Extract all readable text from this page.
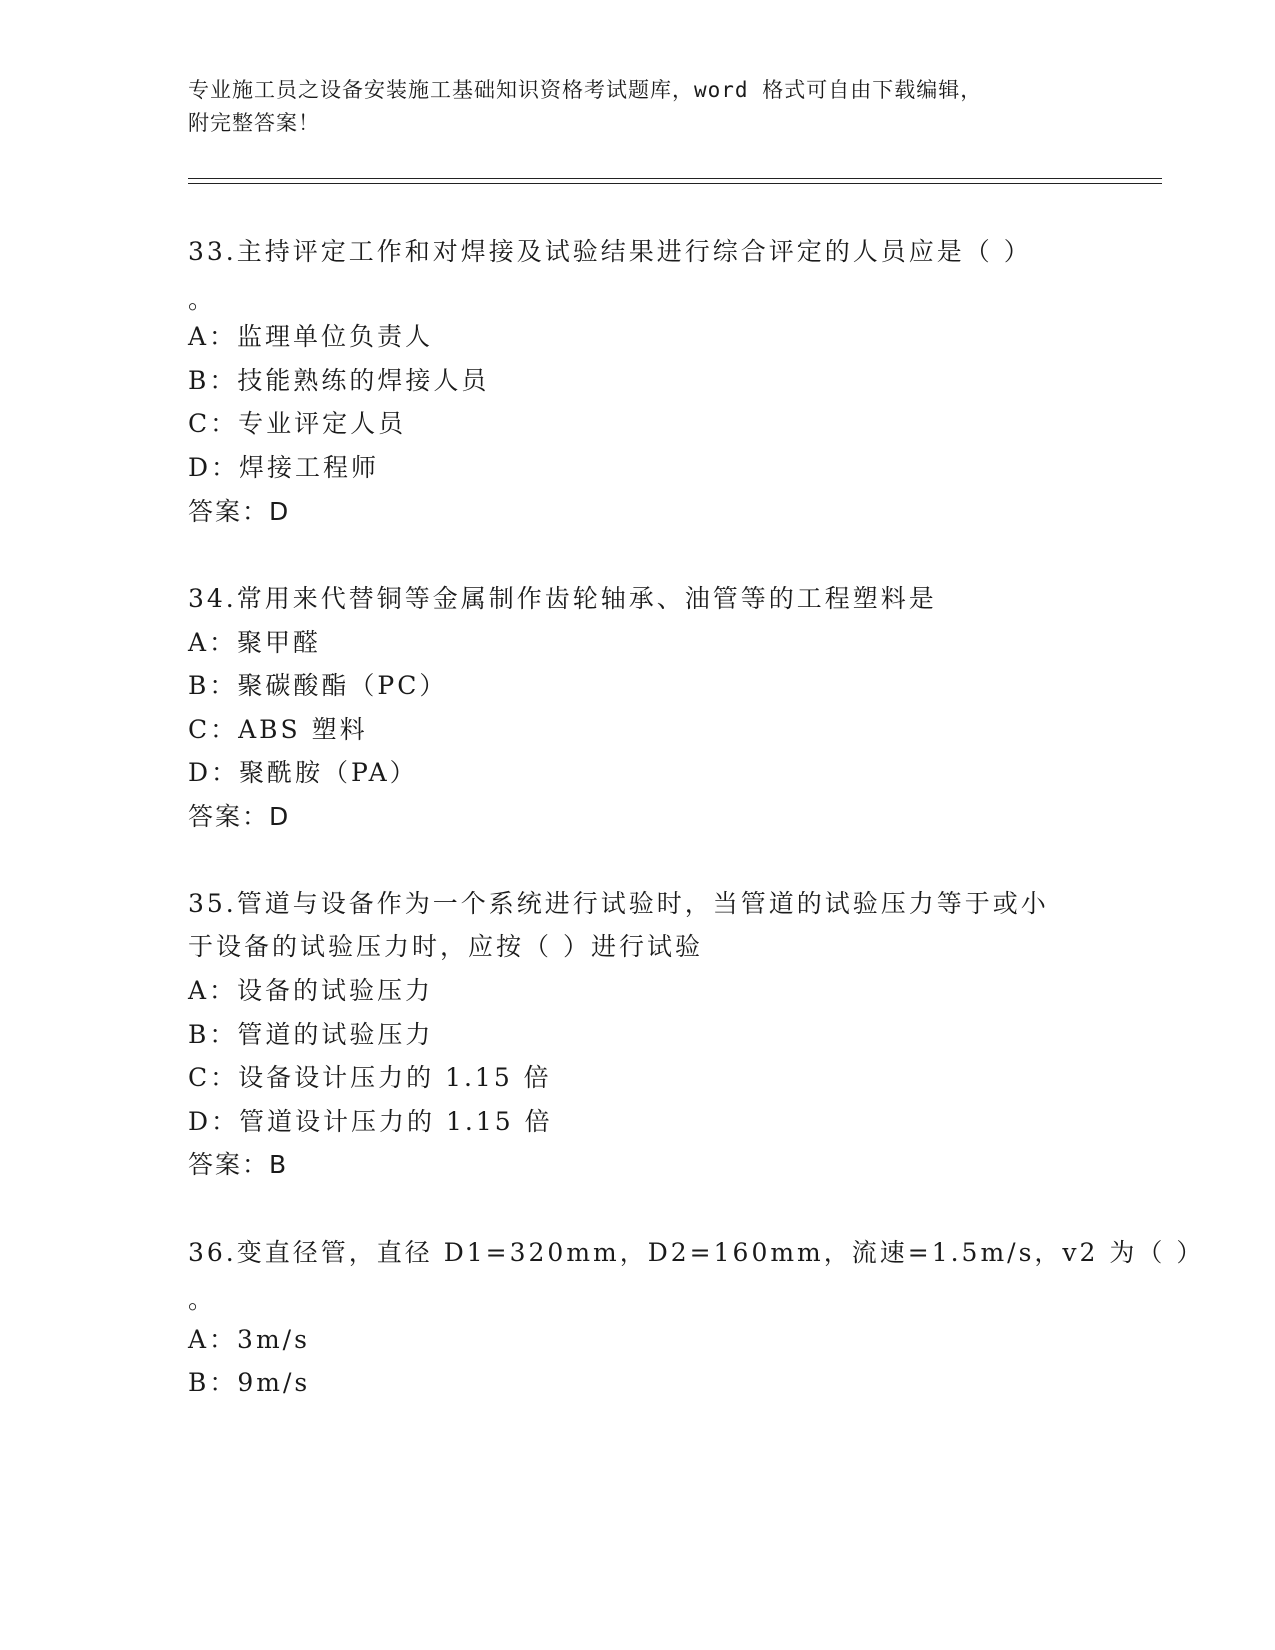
专业施工员之设备安装施工基础知识资格考试题库，word 格式可自由下载编辑，
附完整答案！
33.主持评定工作和对焊接及试验结果进行综合评定的人员应是（ ）
。
A：监理单位负责人
B：技能熟练的焊接人员
C：专业评定人员
D：焊接工程师
答案：D
34.常用来代替铜等金属制作齿轮轴承、油管等的工程塑料是
A：聚甲醛
B：聚碳酸酯（PC）
C：ABS 塑料
D：聚酰胺（PA）
答案：D
35.管道与设备作为一个系统进行试验时，当管道的试验压力等于或小
于设备的试验压力时，应按（ ）进行试验
A：设备的试验压力
B：管道的试验压力
C：设备设计压力的 1.15 倍
D：管道设计压力的 1.15 倍
答案：B
36.变直径管，直径 D1=320mm，D2=160mm，流速=1.5m/s，v2 为（ ）
。
A：3m/s
B：9m/s
